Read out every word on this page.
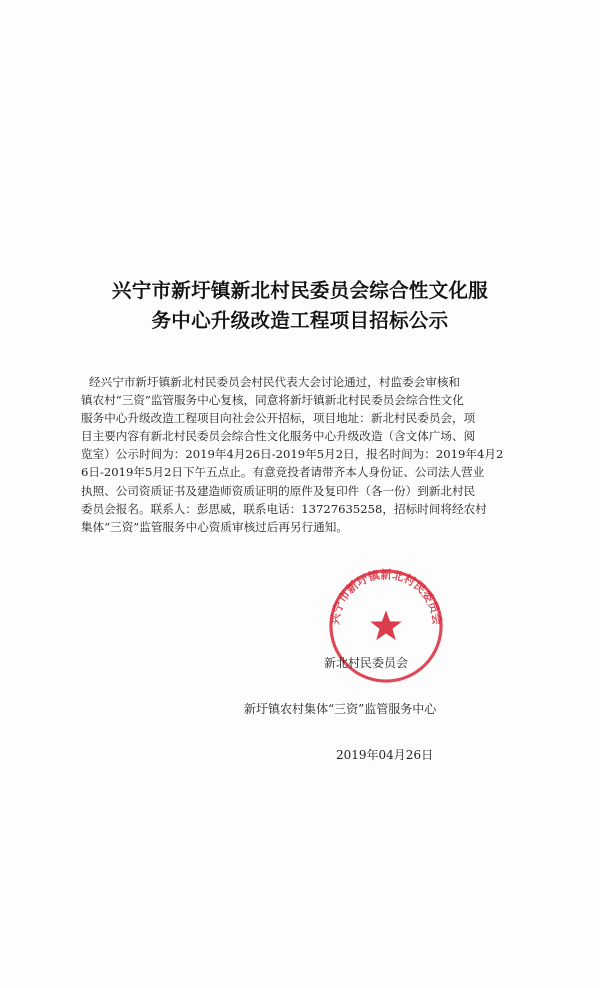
兴宁市新圩镇新北村民委员会综合性文化服
务中心升级改造工程项目招标公示
经兴宁市新圩镇新北村民委员会村民代表大会讨论通过，村监委会审核和
镇农村“三资”监管服务中心复核，同意将新圩镇新北村民委员会综合性文化
服务中心升级改造工程项目向社会公开招标，项目地址：新北村民委员会，项
目主要内容有新北村民委员会综合性文化服务中心升级改造（含文体广场、阅
览室）公示时间为：2019年4月26日-2019年5月2日，报名时间为：2019年4月2
6日-2019年5月2日下午五点止。有意竞投者请带齐本人身份证、公司法人营业
执照、公司资质证书及建造师资质证明的原件及复印件（各一份）到新北村民
委员会报名。联系人：彭思威，联系电话：13727635258，招标时间将经农村
集体“三资”监管服务中心资质审核过后再另行通知。
兴宁市新圩镇新北村民委员会
新北村民委员会
新圩镇农村集体“三资”监管服务中心
2019年04月26日
